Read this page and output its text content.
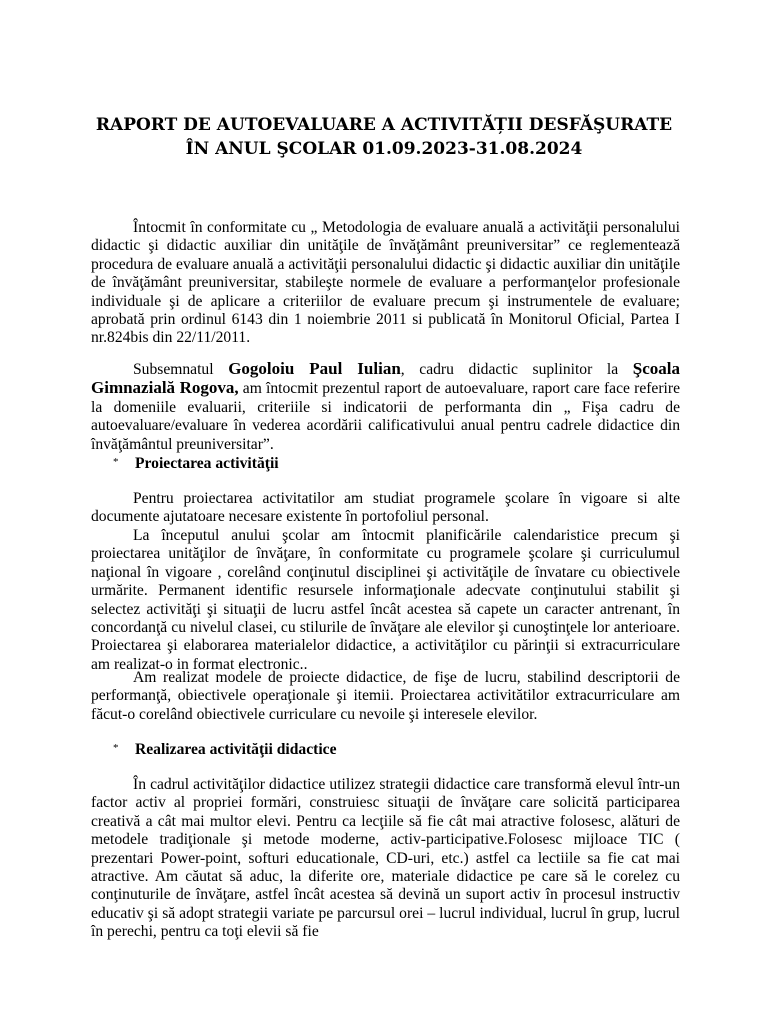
RAPORT DE AUTOEVALUARE A ACTIVITĂȚII DESFĂŞURATE
ÎN ANUL ŞCOLAR 01.09.2023-31.08.2024

Întocmit în conformitate cu „ Metodologia de evaluare anuală a activităţii personalului didactic şi didactic auxiliar din unităţile de învăţământ preuniversitar” ce reglementează procedura de evaluare anuală a activităţii personalului didactic şi didactic auxiliar din unităţile de învăţământ preuniversitar, stabileşte normele de evaluare a performanţelor profesionale individuale şi de aplicare a criteriilor de evaluare precum şi instrumentele de evaluare; aprobată prin ordinul 6143 din 1 noiembrie 2011 si publicată în Monitorul Oficial, Partea I nr.824bis din 22/11/2011.

Subsemnatul Gogoloiu Paul Iulian, cadru didactic suplinitor la Şcoala Gimnazială Rogova, am întocmit prezentul raport de autoevaluare, raport care face referire la domeniile evaluarii, criteriile si indicatorii de performanta din „ Fişa cadru de autoevaluare/evaluare în vederea acordării calificativului anual pentru cadrele didactice din învăţământul preuniversitar”.

* Proiectarea activităţii

Pentru proiectarea activitatilor am studiat programele şcolare în vigoare si alte documente ajutatoare necesare existente în portofoliul personal.

La începutul anului şcolar am întocmit planificările calendaristice precum şi proiectarea unităţilor de învăţare, în conformitate cu programele şcolare şi curriculumul naţional în vigoare , corelând conţinutul disciplinei şi activităţile de învatare cu obiectivele urmărite. Permanent identific resursele informaţionale adecvate conţinutului stabilit şi selectez activităţi şi situaţii de lucru astfel încât acestea să capete un caracter antrenant, în concordanţă cu nivelul clasei, cu stilurile de învăţare ale elevilor şi cunoştinţele lor anterioare. Proiectarea şi elaborarea materialelor didactice, a activităţilor cu părinţii si extracurriculare am realizat-o in format electronic..

Am realizat modele de proiecte didactice, de fişe de lucru, stabilind descriptorii de performanţă, obiectivele operaţionale şi itemii. Proiectarea activitătilor extracurriculare am făcut-o corelând obiectivele curriculare cu nevoile şi interesele elevilor.

* Realizarea activităţii didactice

În cadrul activităţilor didactice utilizez strategii didactice care transformă elevul într-un factor activ al propriei formări, construiesc situaţii de învăţare care solicită participarea creativă a cât mai multor elevi. Pentru ca lecţiile să fie cât mai atractive folosesc, alături de metodele tradiţionale şi metode moderne, activ-participative.Folosesc mijloace TIC ( prezentari Power-point, softuri educationale, CD-uri, etc.) astfel ca lectiile sa fie cat mai atractive. Am căutat să aduc, la diferite ore, materiale didactice pe care să le corelez cu conţinuturile de învăţare, astfel încât acestea să devină un suport activ în procesul instructiv educativ şi să adopt strategii variate pe parcursul orei – lucrul individual, lucrul în grup, lucrul în perechi, pentru ca toţi elevii să fie
